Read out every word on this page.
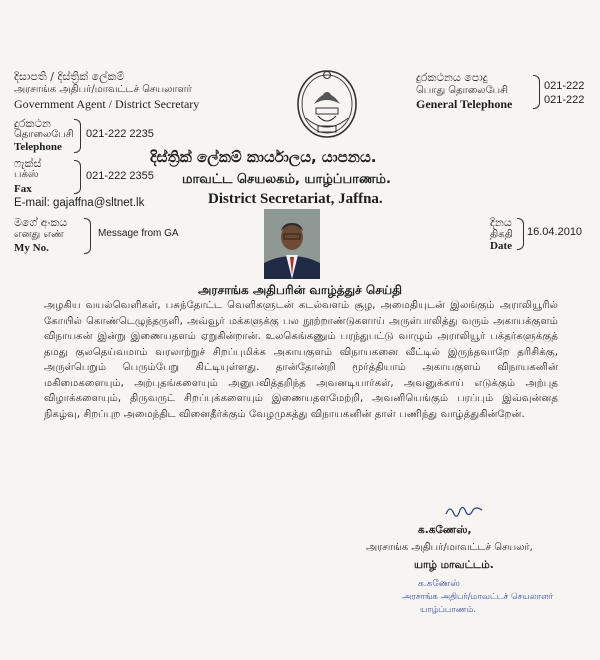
දිසාපති / දිස්ත්‍රික් ලේකම්
அரசாங்க அதிபர்/மாவட்டச் செயலாளர்
Government Agent / District Secretary
දුරකථන
தொலைபேசி
Telephone
021-222 2235
ෆැක්ස්
பக்ஸ்
Fax
021-222 2355
E-mail: gajaffna@sltnet.lk
දුරකථනය පොදු
பொது தொலைபேசி
General Telephone
021-222
021-222
දිස්ත්‍රික් ලේකම් කාර්යාලය, යාපනය.
மாவட்ட செயலகம், யாழ்ப்பாணம்.
District Secretariat, Jaffna.
මගේ අංකය
எனது எண்
My No.
Message from GA
දිනය
திகதி
Date
16.04.2010
அரசாங்க அதிபரின் வாழ்த்துச் செய்தி

அழகிய வயல்வெளிகள், பசுந்தோட்ட வெளிகளுடன் கடல்வளம் சூழ, அமைதியுடன் இலங்கும் அராலியூரில் கோயில் கொண்டெழுந்தருளி, அவ்வூர் மக்களுக்கு பல நூற்றாண்டுகளாய் அருள்பாலித்து வரும் அகாயக்குளம் விநாயகன் இன்று இணையதளம் ஏறுகின்றான். உலகெங்கணும் பரந்துபட்டு வாழும் அராலியூர் பக்தர்களுக்குத் தமது குலதெய்வமாம் வரலாற்றுச் சிறப்புமிக்க அகாயகுளம் விநாயகனை வீட்டில் இருந்தவாறே தரிசிக்கு, அருள்பெறும் பெரும்பேறு கிட்டியுள்ளது. தான்தோன்றி மூர்த்தியாம் அகாயகுளம் விநாயகனின் மகிமைகளையும், அற்புதங்களையும் அனுபவித்தறிந்த அவனடியார்கள், அவனுக்காய் எடுக்கும் அற்புத விழாக்களையும், திருவருட் சிறப்புக்களையும் இணையதளமேற்றி, அவனியெங்கும் பரப்பும் இவ்வுன்னத நிகழ்வு, சிறப்புற அமைந்திட வினைதீர்க்கும் வேழமுகத்து விநாயகனின் தாள் பணிந்து வாழ்த்துகின்றேன்.

க.கணேஸ்,
அரசாங்க அதிபர்/மாவட்டச் செயலர்,
யாழ் மாவட்டம்.
க.கணேஸ்
அரசாங்க அதிபர்/மாவட்டச் செயலாளர்
யாழ்ப்பாணம்.
